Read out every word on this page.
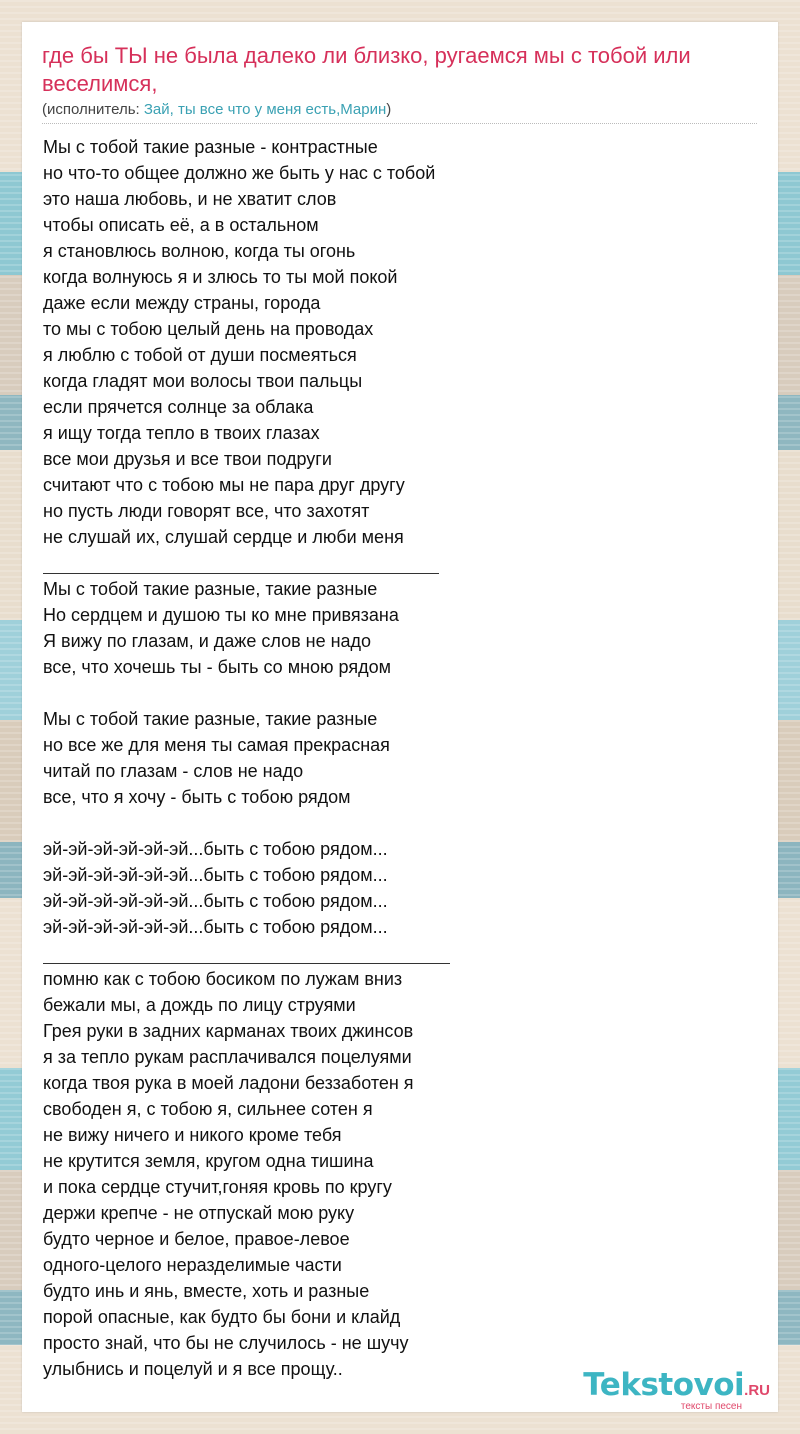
где бы ТЫ не была далеко ли близко, ругаемся мы с тобой или веселимся,
(исполнитель: Зай, ты все что у меня есть,Марин)
Мы с тобой такие разные - контрастные
но что-то общее должно же быть у нас с тобой
это наша любовь, и не хватит слов
чтобы описать её, а в остальном
я становлюсь волною, когда ты огонь
когда волнуюсь я и злюсь то ты мой покой
даже если между страны, города
то мы с тобою целый день на проводах
я люблю с тобой от души посмеяться
когда гладят мои волосы твои пальцы
если прячется солнце за облака
я ищу тогда тепло в твоих глазах
все мои друзья и все твои подруги
считают что с тобою мы не пара друг другу
но пусть люди говорят все, что захотят
не слушай их, слушай сердце и люби меня
Мы с тобой такие разные, такие разные
Но сердцем и душою ты ко мне привязана
Я вижу по глазам, и даже слов не надо
все, что хочешь ты - быть со мною рядом
Мы с тобой такие разные, такие разные
но все же для меня ты самая прекрасная
читай по глазам - слов не надо
все, что я хочу - быть с тобою рядом
эй-эй-эй-эй-эй-эй...быть с тобою рядом...
эй-эй-эй-эй-эй-эй...быть с тобою рядом...
эй-эй-эй-эй-эй-эй...быть с тобою рядом...
эй-эй-эй-эй-эй-эй...быть с тобою рядом...
помню как с тобою босиком по лужам вниз
бежали мы, а дождь по лицу струями
Грея руки в задних карманах твоих джинсов
я за тепло рукам расплачивался поцелуями
когда твоя рука в моей ладони беззаботен я
свободен я, с тобою я, сильнее сотен я
не вижу ничего и никого кроме тебя
не крутится земля, кругом одна тишина
и пока сердце стучит,гоняя кровь по кругу
держи крепче - не отпускай мою руку
будто черное и белое, правое-левое
одного-целого неразделимые части
будто инь и янь, вместе, хоть и разные
порой опасные, как будто бы бони и клайд
просто знай, что бы не случилось - не шучу
улыбнись и поцелуй и я все прощу..	Tekstovoi.RU
тексты песен
